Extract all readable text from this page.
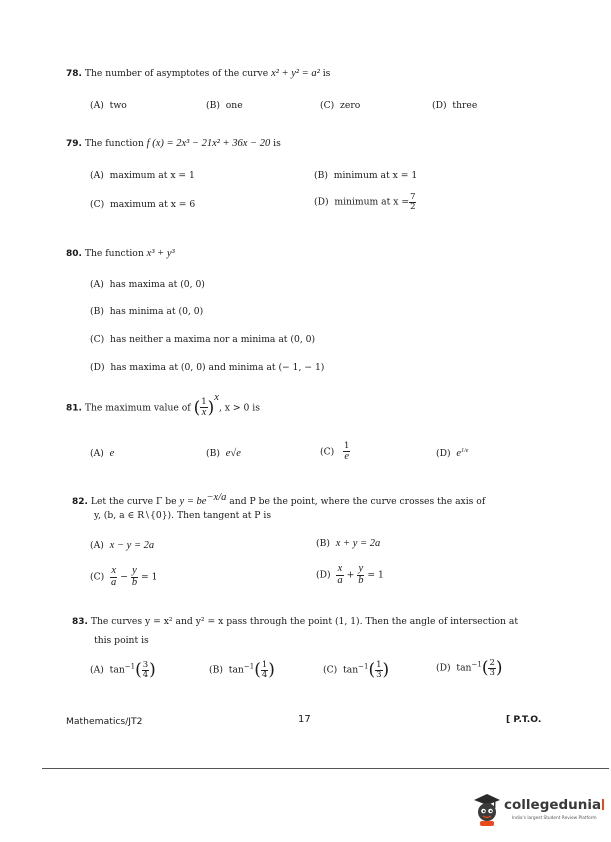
78. The number of asymptotes of the curve x² + y² = a² is
(A) two	(B) one	(C) zero	(D) three
79. The function f (x) = 2x³ − 21x² + 36x − 20 is
(A) maximum at x = 1	(B) minimum at x = 1
(C) maximum at x = 6	(D) minimum at $x = \frac{7}{2}$
80. The function x³ + y³
(A) has maxima at (0, 0)
(B) has minima at (0, 0)
(C) has neither a maxima nor a minima at (0, 0)
(D) has maxima at (0, 0) and minima at (− 1, − 1)
81. The maximum value of ( $\frac{1}{x} )^x$, x > 0 is
(A) e	(B) e√e	$(C) \frac{1}{e}$	(D) $e^{1/e}$
82. Let the curve Γ be $y = be^{-x/a}$ and P be the point, where the curve crosses the axis of
y, (b, a ∈ R∖{0}). Then tangent at P is
(A) x − y = 2a	(B) x + y = 2a
$(C) \frac{x}{a} - \frac{y}{b} = 1$	$(D) \frac{x}{a} + \frac{y}{b} = 1$
83. The curves y = x² and y² = x pass through the point (1, 1). Then the angle of intersection at
this point is
(A) $\tan^{-1}( \frac{3}{4}$ )	(B) $\tan^{-1}( \frac{1}{4}$ )	(C) $\tan^{-1}( \frac{1}{3}$ )	(D) $\tan^{-1}( \frac{2}{3}$ )
Mathematics/JT2	17	[ P.T.O.
collegedunia
India's largest Student Review Platform
